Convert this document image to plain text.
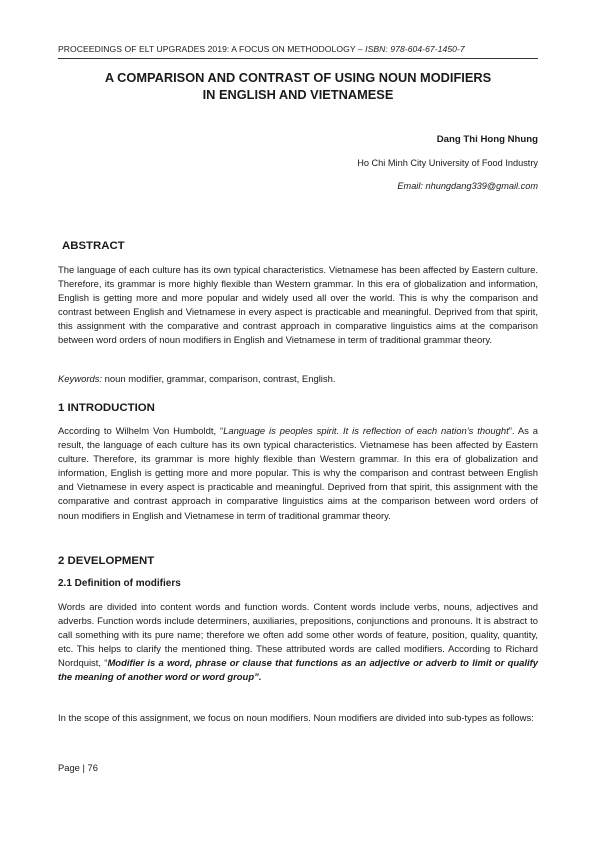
PROCEEDINGS OF ELT UPGRADES 2019: A FOCUS ON METHODOLOGY – ISBN: 978-604-67-1450-7
A COMPARISON AND CONTRAST OF USING NOUN MODIFIERS
IN ENGLISH AND VIETNAMESE
Dang Thi Hong Nhung
Ho Chi Minh City University of Food Industry
Email: nhungdang339@gmail.com
ABSTRACT
The language of each culture has its own typical characteristics. Vietnamese has been affected by Eastern culture. Therefore, its grammar is more highly flexible than Western grammar. In this era of globalization and information, English is getting more and more popular and widely used all over the world. This is why the comparison and contrast between English and Vietnamese in every aspect is practicable and meaningful. Deprived from that spirit, this assignment with the comparative and contrast approach in comparative linguistics aims at the comparison between word orders of noun modifiers in English and Vietnamese in term of traditional grammar theory.
Keywords: noun modifier, grammar, comparison, contrast, English.
1 INTRODUCTION
According to Wilhelm Von Humboldt, “Language is peoples spirit. It is reflection of each nation’s thought”. As a result, the language of each culture has its own typical characteristics. Vietnamese has been affected by Eastern culture. Therefore, its grammar is more highly flexible than Western grammar. In this era of globalization and information, English is getting more and more popular. This is why the comparison and contrast between English and Vietnamese in every aspect is practicable and meaningful. Deprived from that spirit, this assignment with the comparative and contrast approach in comparative linguistics aims at the comparison between word orders of noun modifiers in English and Vietnamese in term of traditional grammar theory.
2 DEVELOPMENT
2.1 Definition of modifiers
Words are divided into content words and function words. Content words include verbs, nouns, adjectives and adverbs. Function words include determiners, auxiliaries, prepositions, conjunctions and pronouns. It is abstract to call something with its pure name; therefore we often add some other words of feature, position, quality, quantity, etc. This helps to clarify the mentioned thing. These attributed words are called modifiers. According to Richard Nordquist, “Modifier is a word, phrase or clause that functions as an adjective or adverb to limit or qualify the meaning of another word or word group”.
In the scope of this assignment, we focus on noun modifiers. Noun modifiers are divided into sub-types as follows:
Page | 76
